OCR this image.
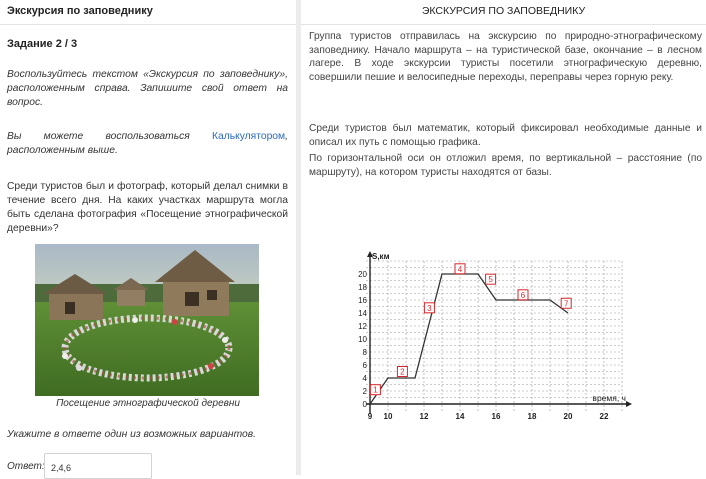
Экскурсия по заповеднику
Задание 2 / 3
Воспользуйтесь текстом «Экскурсия по заповеднику», расположенным справа. Запишите свой ответ на вопрос.
Вы можете воспользоваться Калькулятором, расположенным выше.
Среди туристов был и фотограф, который делал снимки в течение всего дня. На каких участках маршрута могла быть сделана фотография «Посещение этнографической деревни»?
Посещение этнографической деревни
Укажите в ответе один из возможных вариантов.
Ответ: 2,4,6
ЭКСКУРСИЯ ПО ЗАПОВЕДНИКУ
Группа туристов отправилась на экскурсию по природно-этнографическому заповеднику. Начало маршрута – на туристической базе, окончание – в лесном лагере. В ходе экскурсии туристы посетили этнографическую деревню, совершили пешие и велосипедные переходы, переправы через горную реку.
Среди туристов был математик, который фиксировал необходимые данные и описал их путь с помощью графика.
По горизонтальной оси он отложил время, по вертикальной – расстояние (по маршруту), на котором туристы находятся от базы.
0
2
4
6
8
10
12
14
16
18
20
9 10	12	14	16	18	20	22
S,км
время, ч
1
2
3
4
5
6
7
